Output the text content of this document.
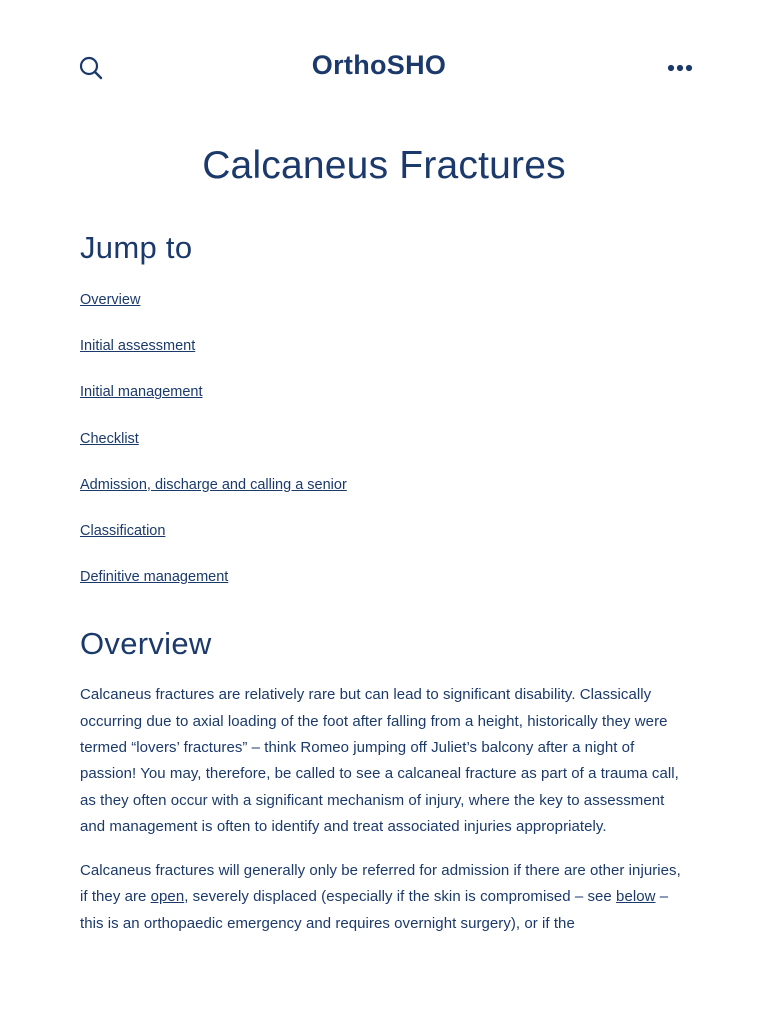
OrthoSHO
Calcaneus Fractures
Jump to
Overview
Initial assessment
Initial management
Checklist
Admission, discharge and calling a senior
Classification
Definitive management
Overview

Calcaneus fractures are relatively rare but can lead to significant disability. Classically occurring due to axial loading of the foot after falling from a height, historically they were termed “lovers’ fractures” – think Romeo jumping off Juliet’s balcony after a night of passion! You may, therefore, be called to see a calcaneal fracture as part of a trauma call, as they often occur with a significant mechanism of injury, where the key to assessment and management is often to identify and treat associated injuries appropriately.

Calcaneus fractures will generally only be referred for admission if there are other injuries, if they are open, severely displaced (especially if the skin is compromised – see below – this is an orthopaedic emergency and requires overnight surgery), or if the
